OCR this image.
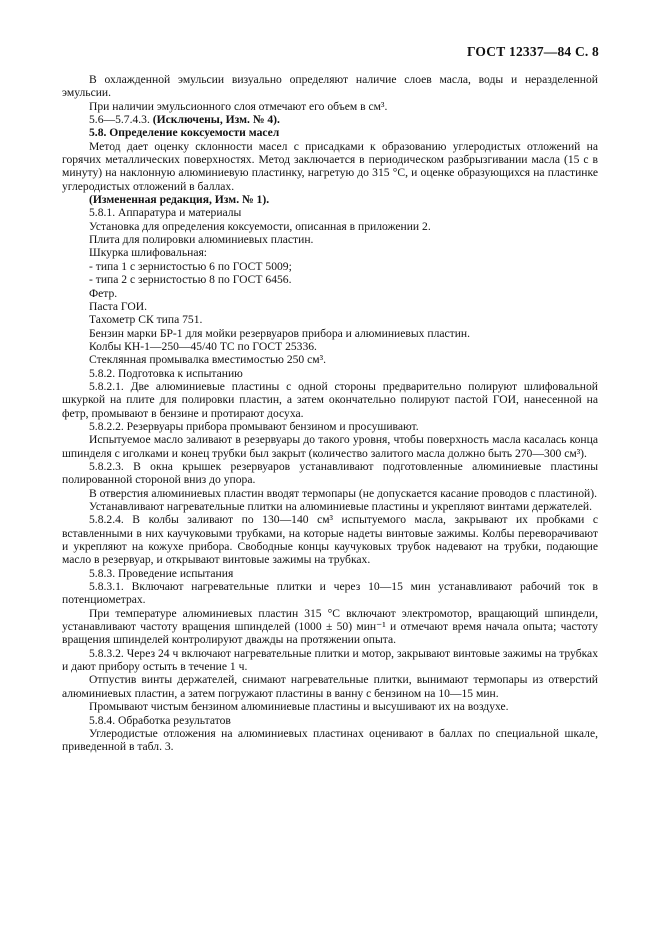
ГОСТ 12337—84 С. 8

В охлажденной эмульсии визуально определяют наличие слоев масла, воды и неразделенной эмульсии.

При наличии эмульсионного слоя отмечают его объем в см³.

5.6—5.7.4.3. (Исключены, Изм. № 4).

5.8. Определение коксуемости масел

Метод дает оценку склонности масел с присадками к образованию углеродистых отложений на горячих металлических поверхностях. Метод заключается в периодическом разбрызгивании масла (15 с в минуту) на наклонную алюминиевую пластинку, нагретую до 315 °С, и оценке образующихся на пластинке углеродистых отложений в баллах.

(Измененная редакция, Изм. № 1).

5.8.1. Аппаратура и материалы

Установка для определения коксуемости, описанная в приложении 2.

Плита для полировки алюминиевых пластин.

Шкурка шлифовальная:

- типа 1 с зернистостью 6 по ГОСТ 5009;

- типа 2 с зернистостью 8 по ГОСТ 6456.

Фетр.

Паста ГОИ.

Тахометр СК типа 751.

Бензин марки БР-1 для мойки резервуаров прибора и алюминиевых пластин.

Колбы КН-1—250—45/40 ТС по ГОСТ 25336.

Стеклянная промывалка вместимостью 250 см³.

5.8.2. Подготовка к испытанию

5.8.2.1. Две алюминиевые пластины с одной стороны предварительно полируют шлифовальной шкуркой на плите для полировки пластин, а затем окончательно полируют пастой ГОИ, нанесенной на фетр, промывают в бензине и протирают досуха.

5.8.2.2. Резервуары прибора промывают бензином и просушивают.

Испытуемое масло заливают в резервуары до такого уровня, чтобы поверхность масла касалась конца шпинделя с иголками и конец трубки был закрыт (количество залитого масла должно быть 270—300 см³).

5.8.2.3. В окна крышек резервуаров устанавливают подготовленные алюминиевые пластины полированной стороной вниз до упора.

В отверстия алюминиевых пластин вводят термопары (не допускается касание проводов с пластиной).

Устанавливают нагревательные плитки на алюминиевые пластины и укрепляют винтами держателей.

5.8.2.4. В колбы заливают по 130—140 см³ испытуемого масла, закрывают их пробками с вставленными в них каучуковыми трубками, на которые надеты винтовые зажимы. Колбы переворачивают и укрепляют на кожухе прибора. Свободные концы каучуковых трубок надевают на трубки, подающие масло в резервуар, и открывают винтовые зажимы на трубках.

5.8.3. Проведение испытания

5.8.3.1. Включают нагревательные плитки и через 10—15 мин устанавливают рабочий ток в потенциометрах.

При температуре алюминиевых пластин 315 °С включают электромотор, вращающий шпиндели, устанавливают частоту вращения шпинделей (1000 ± 50) мин⁻¹ и отмечают время начала опыта; частоту вращения шпинделей контролируют дважды на протяжении опыта.

5.8.3.2. Через 24 ч включают нагревательные плитки и мотор, закрывают винтовые зажимы на трубках и дают прибору остыть в течение 1 ч.

Отпустив винты держателей, снимают нагревательные плитки, вынимают термопары из отверстий алюминиевых пластин, а затем погружают пластины в ванну с бензином на 10—15 мин.

Промывают чистым бензином алюминиевые пластины и высушивают их на воздухе.

5.8.4. Обработка результатов

Углеродистые отложения на алюминиевых пластинах оценивают в баллах по специальной шкале, приведенной в табл. 3.
